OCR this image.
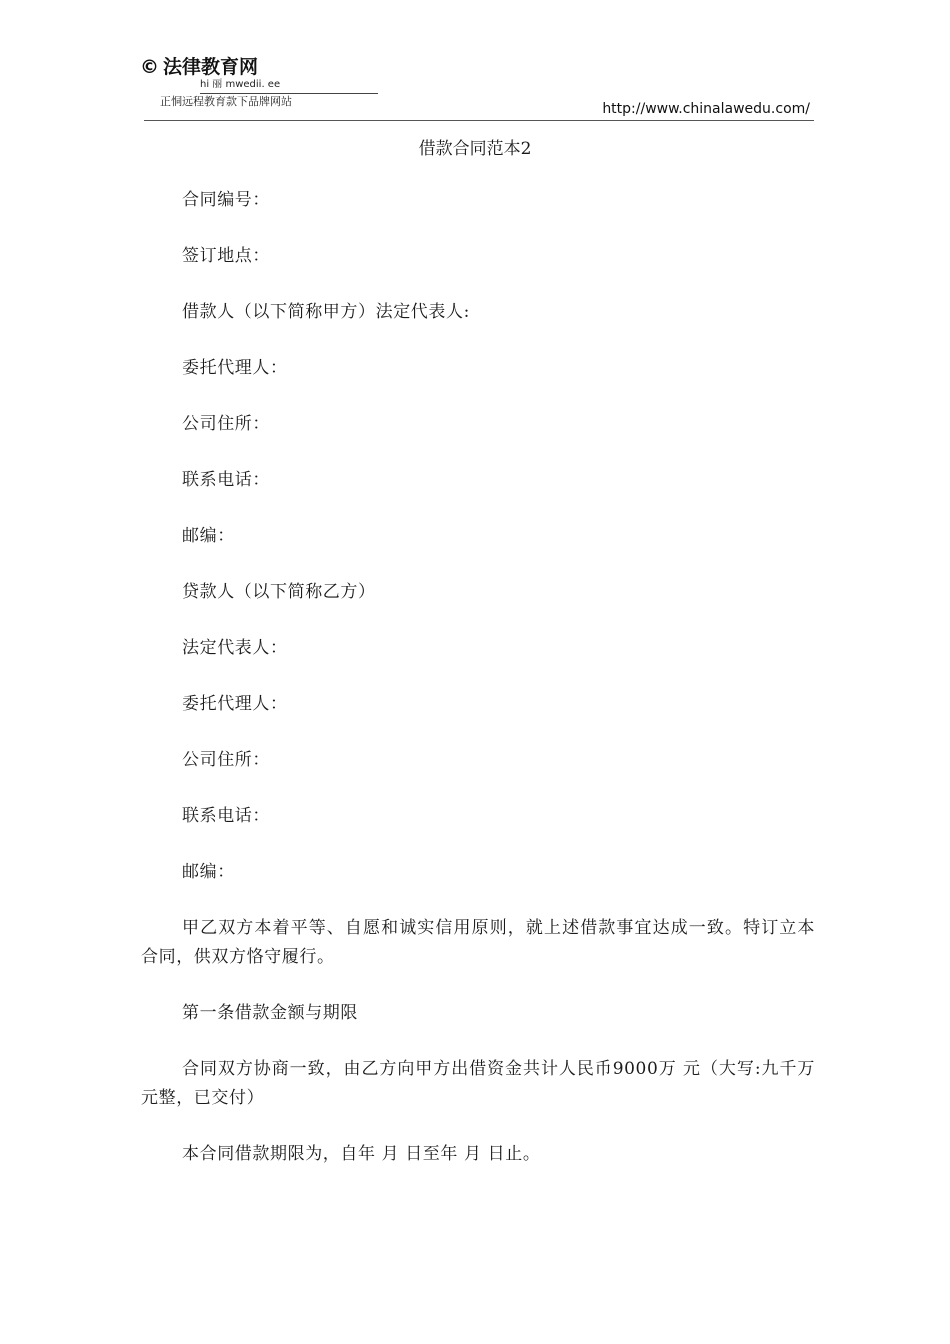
© 法律教育网
hi 丽 mwedii. ee
正恫远程教育款下品牌网站	http://www.chinalawedu.com/
借款合同范本2

合同编号：

签订地点：

借款人（以下简称甲方）法定代表人:

委托代理人：

公司住所：

联系电话：

邮编：

贷款人（以下简称乙方）

法定代表人：

委托代理人：

公司住所：

联系电话：

邮编：

甲乙双方本着平等、自愿和诚实信用原则，就上述借款事宜达成一致。特订立本合同，供双方恪守履行。

第一条借款金额与期限

合同双方协商一致，由乙方向甲方出借资金共计人民币9000万 元（大写:九千万元整，已交付）

本合同借款期限为，自年 月 日至年 月 日止。
